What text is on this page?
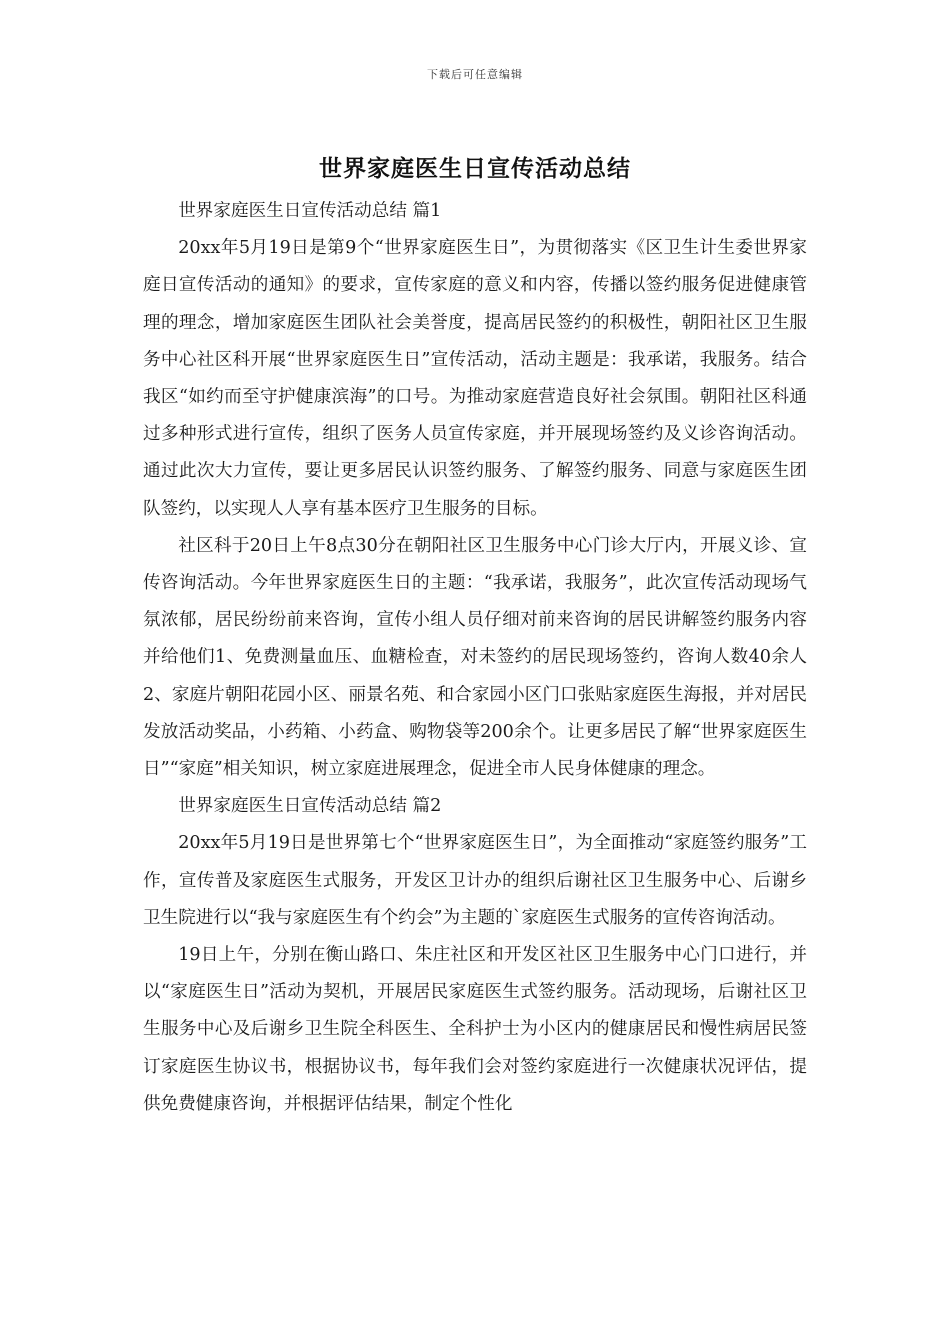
下载后可任意编辑
世界家庭医生日宣传活动总结

世界家庭医生日宣传活动总结 篇1

20xx年5月19日是第9个“世界家庭医生日”，为贯彻落实《区卫生计生委世界家庭日宣传活动的通知》的要求，宣传家庭的意义和内容，传播以签约服务促进健康管理的理念，增加家庭医生团队社会美誉度，提高居民签约的积极性，朝阳社区卫生服务中心社区科开展“世界家庭医生日”宣传活动，活动主题是：我承诺，我服务。结合我区“如约而至守护健康滨海”的口号。为推动家庭营造良好社会氛围。朝阳社区科通过多种形式进行宣传，组织了医务人员宣传家庭，并开展现场签约及义诊咨询活动。通过此次大力宣传，要让更多居民认识签约服务、了解签约服务、同意与家庭医生团队签约，以实现人人享有基本医疗卫生服务的目标。

社区科于20日上午8点30分在朝阳社区卫生服务中心门诊大厅内，开展义诊、宣传咨询活动。今年世界家庭医生日的主题：“我承诺，我服务”，此次宣传活动现场气氛浓郁，居民纷纷前来咨询，宣传小组人员仔细对前来咨询的居民讲解签约服务内容并给他们1、免费测量血压、血糖检查，对未签约的居民现场签约，咨询人数40余人2、家庭片朝阳花园小区、丽景名苑、和合家园小区门口张贴家庭医生海报，并对居民发放活动奖品，小药箱、小药盒、购物袋等200余个。让更多居民了解“世界家庭医生日”“家庭”相关知识，树立家庭进展理念，促进全市人民身体健康的理念。

世界家庭医生日宣传活动总结 篇2

20xx年5月19日是世界第七个“世界家庭医生日”，为全面推动“家庭签约服务”工作，宣传普及家庭医生式服务，开发区卫计办的组织后谢社区卫生服务中心、后谢乡卫生院进行以“我与家庭医生有个约会”为主题的`家庭医生式服务的宣传咨询活动。

19日上午，分别在衡山路口、朱庄社区和开发区社区卫生服务中心门口进行，并以“家庭医生日”活动为契机，开展居民家庭医生式签约服务。活动现场，后谢社区卫生服务中心及后谢乡卫生院全科医生、全科护士为小区内的健康居民和慢性病居民签订家庭医生协议书，根据协议书，每年我们会对签约家庭进行一次健康状况评估，提供免费健康咨询，并根据评估结果，制定个性化
